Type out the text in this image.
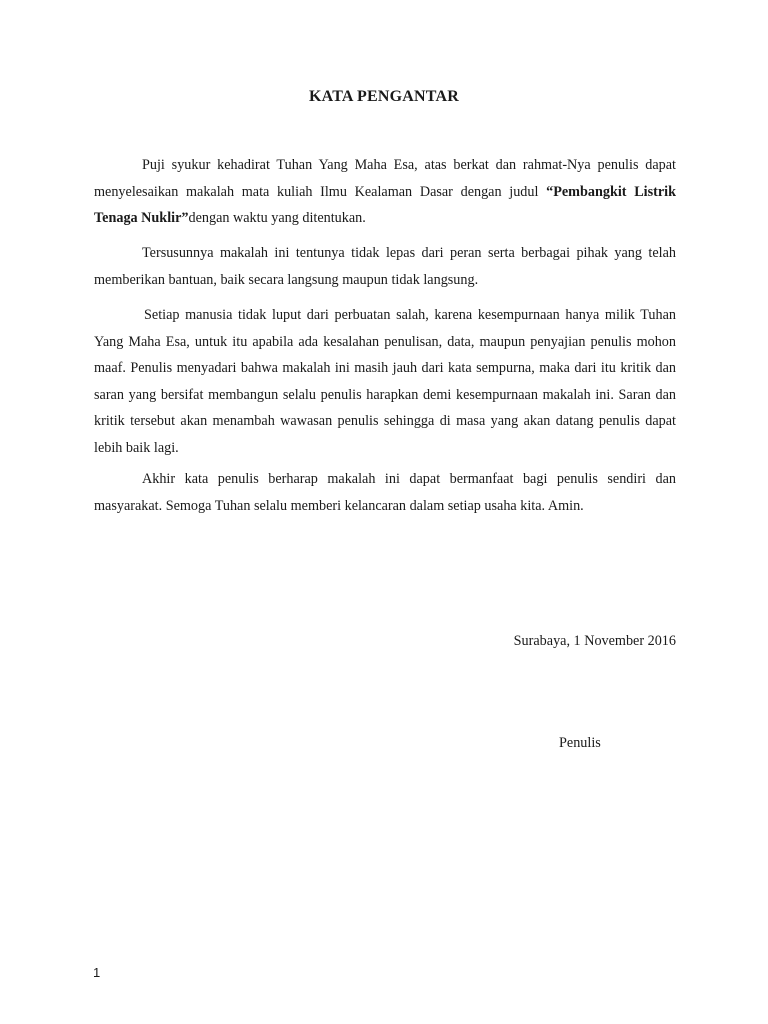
KATA PENGANTAR

Puji syukur kehadirat Tuhan Yang Maha Esa, atas berkat dan rahmat-Nya penulis dapat menyelesaikan makalah mata kuliah Ilmu Kealaman Dasar dengan judul “Pembangkit Listrik Tenaga Nuklir”dengan waktu yang ditentukan.

Tersusunnya makalah ini tentunya tidak lepas dari peran serta berbagai pihak yang telah memberikan bantuan, baik secara langsung maupun tidak langsung.

Setiap manusia tidak luput dari perbuatan salah, karena kesempurnaan hanya milik Tuhan Yang Maha Esa, untuk itu apabila ada kesalahan penulisan, data, maupun penyajian penulis mohon maaf. Penulis menyadari bahwa makalah ini masih jauh dari kata sempurna, maka dari itu kritik dan saran yang bersifat membangun selalu penulis harapkan demi kesempurnaan makalah ini. Saran dan kritik tersebut akan menambah wawasan penulis sehingga di masa yang akan datang penulis dapat lebih baik lagi.

Akhir kata penulis berharap makalah ini dapat bermanfaat bagi penulis sendiri dan masyarakat. Semoga Tuhan selalu memberi kelancaran dalam setiap usaha kita. Amin.

Surabaya, 1 November 2016
Penulis
1
